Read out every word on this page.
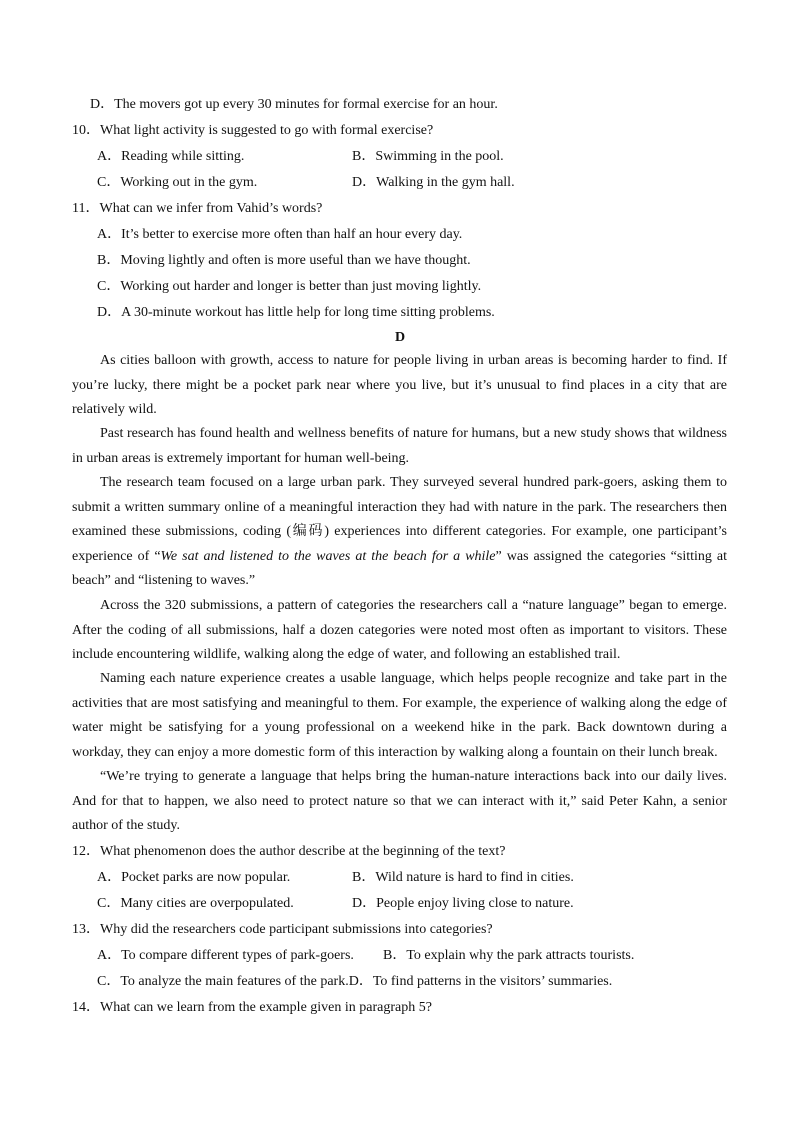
D．The movers got up every 30 minutes for formal exercise for an hour.
10．What light activity is suggested to go with formal exercise?
A．Reading while sitting.	B．Swimming in the pool.
C．Working out in the gym.	D．Walking in the gym hall.
11．What can we infer from Vahid’s words?
A．It’s better to exercise more often than half an hour every day.
B．Moving lightly and often is more useful than we have thought.
C．Working out harder and longer is better than just moving lightly.
D．A 30-minute workout has little help for long time sitting problems.
D
As cities balloon with growth, access to nature for people living in urban areas is becoming harder to find. If you’re lucky, there might be a pocket park near where you live, but it’s unusual to find places in a city that are relatively wild.
Past research has found health and wellness benefits of nature for humans, but a new study shows that wildness in urban areas is extremely important for human well-being.
The research team focused on a large urban park. They surveyed several hundred park-goers, asking them to submit a written summary online of a meaningful interaction they had with nature in the park. The researchers then examined these submissions, coding (编码) experiences into different categories. For example, one participant’s experience of “We sat and listened to the waves at the beach for a while” was assigned the categories “sitting at beach” and “listening to waves.”
Across the 320 submissions, a pattern of categories the researchers call a “nature language” began to emerge. After the coding of all submissions, half a dozen categories were noted most often as important to visitors. These include encountering wildlife, walking along the edge of water, and following an established trail.
Naming each nature experience creates a usable language, which helps people recognize and take part in the activities that are most satisfying and meaningful to them. For example, the experience of walking along the edge of water might be satisfying for a young professional on a weekend hike in the park. Back downtown during a workday, they can enjoy a more domestic form of this interaction by walking along a fountain on their lunch break.
“We’re trying to generate a language that helps bring the human-nature interactions back into our daily lives. And for that to happen, we also need to protect nature so that we can interact with it,” said Peter Kahn, a senior author of the study.
12．What phenomenon does the author describe at the beginning of the text?
A．Pocket parks are now popular.	B．Wild nature is hard to find in cities.
C．Many cities are overpopulated.	D．People enjoy living close to nature.
13．Why did the researchers code participant submissions into categories?
A．To compare different types of park-goers. B．To explain why the park attracts tourists.
C．To analyze the main features of the park.D．To find patterns in the visitors’ summaries.
14．What can we learn from the example given in paragraph 5?
